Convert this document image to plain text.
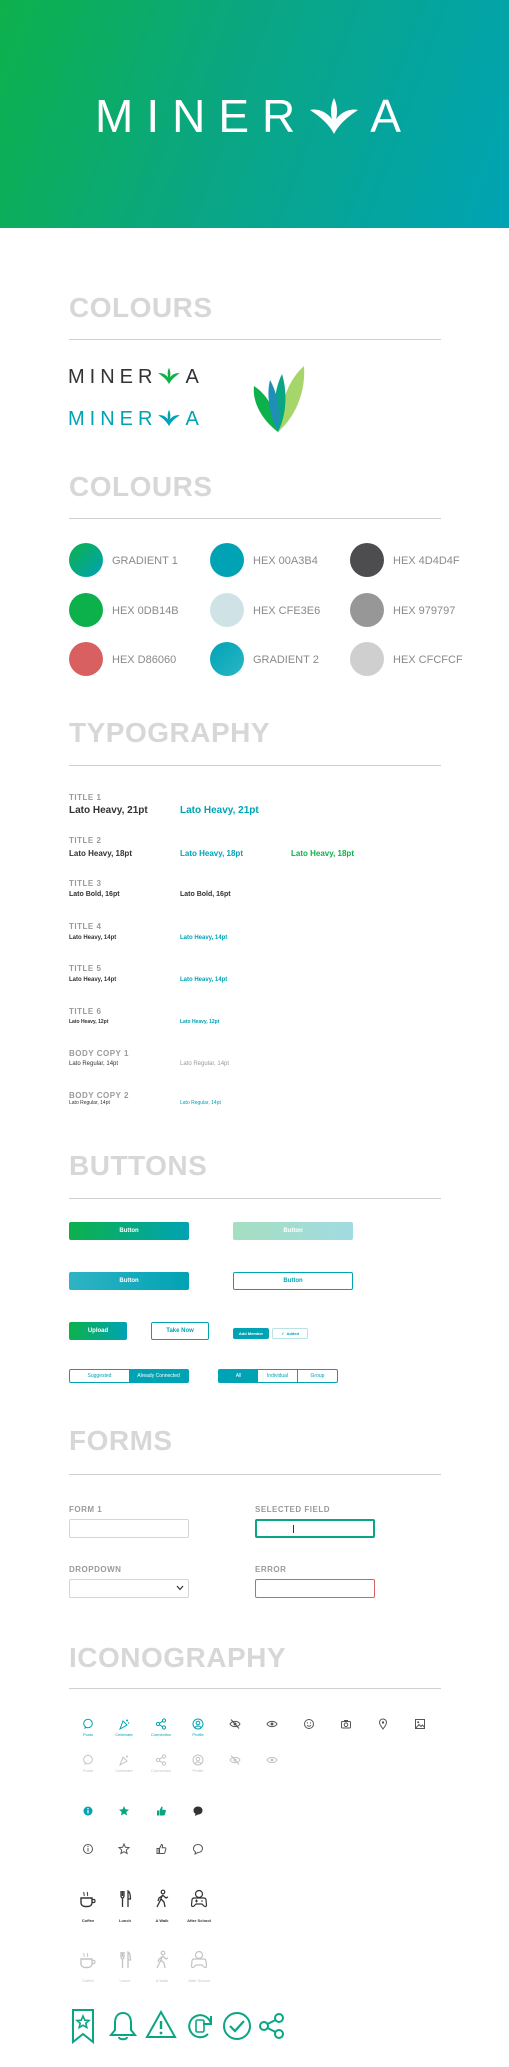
MINER A
COLOURS
MINER A
MINER A
COLOURS
GRADIENT 1	HEX 00A3B4	HEX 4D4D4F
HEX 0DB14B	HEX CFE3E6	HEX 979797
HEX D86060	GRADIENT 2	HEX CFCFCF
TYPOGRAPHY
TITLE 1
Lato Heavy, 21pt	Lato Heavy, 21pt
TITLE 2
Lato Heavy, 18pt	Lato Heavy, 18pt	Lato Heavy, 18pt
TITLE 3
Lato Bold, 16pt	Lato Bold, 16pt
TITLE 4
Lato Heavy, 14pt	Lato Heavy, 14pt
TITLE 5
Lato Heavy, 14pt	Lato Heavy, 14pt
TITLE 6
Lato Heavy, 12pt	Lato Heavy, 12pt
BODY COPY 1
Lato Regular, 14pt	Lato Regular, 14pt
BODY COPY 2
Lato Regular, 14pt	Lato Regular, 14pt
BUTTONS
Button	Button
Button	Button
Upload	Take Now	Add Member	✓ Added
Suggested	Already Connected	All	Individual	Group
FORMS
FORM 1	SELECTED FIELD
DROPDOWN	ERROR
ICONOGRAPHY
Posts	Celebrate	Connection	Profile
Posts	Celebrate	Connection	Profile
Coffee	Lunch	A Walk	After School
Coffee	Lunch	A Walk	After School
